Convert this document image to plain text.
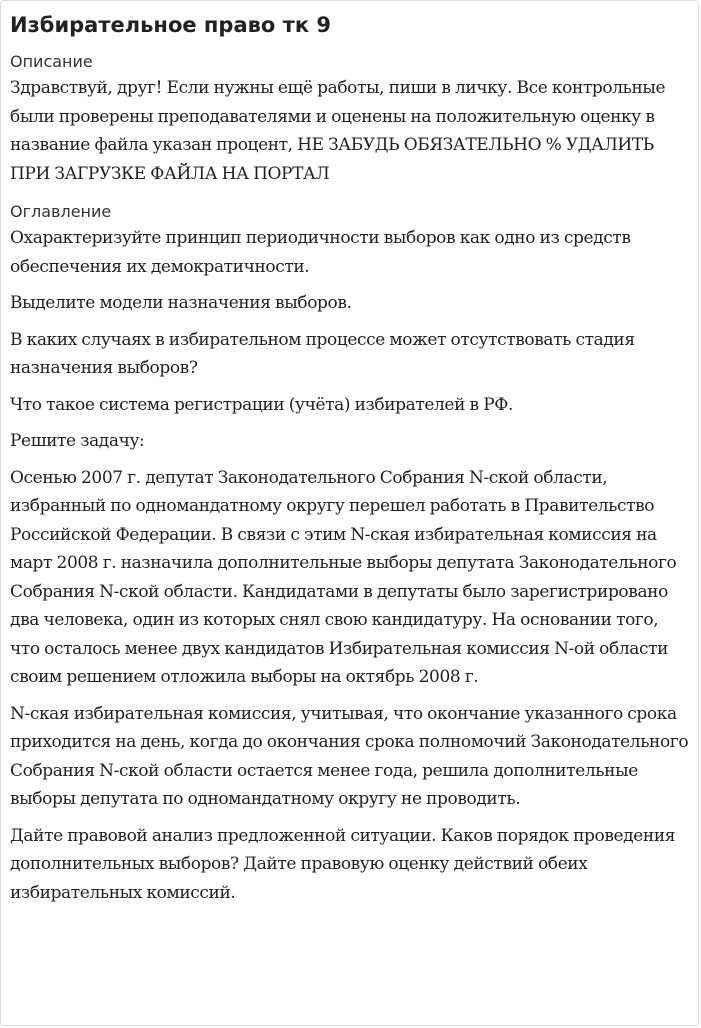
Избирательное право тк 9
Описание

Здравствуй, друг! Если нужны ещё работы, пиши в личку. Все контрольные были проверены преподавателями и оценены на положительную оценку в название файла указан процент, НЕ ЗАБУДЬ ОБЯЗАТЕЛЬНО % УДАЛИТЬ ПРИ ЗАГРУЗКЕ ФАЙЛА НА ПОРТАЛ

Оглавление

Охарактеризуйте принцип периодичности выборов как одно из средств обеспечения их демократичности.

Выделите модели назначения выборов.

В каких случаях в избирательном процессе может отсутствовать стадия назначения выборов?

Что такое система регистрации (учёта) избирателей в РФ.

Решите задачу:

Осенью 2007 г. депутат Законодательного Собрания N-ской области, избранный по одномандатному округу перешел работать в Правительство Российской Федерации. В связи с этим N-ская избирательная комиссия на март 2008 г. назначила дополнительные выборы депутата Законодательного Собрания N-ской области. Кандидатами в депутаты было зарегистрировано два человека, один из которых снял свою кандидатуру. На основании того, что осталось менее двух кандидатов Избирательная комиссия N-ой области своим решением отложила выборы на октябрь 2008 г.

N-ская избирательная комиссия, учитывая, что окончание указанного срока приходится на день, когда до окончания срока полномочий Законодательного Собрания N-ской области остается менее года, решила дополнительные выборы депутата по одномандатному округу не проводить.

Дайте правовой анализ предложенной ситуации. Каков порядок проведения дополнительных выборов? Дайте правовую оценку действий обеих избирательных комиссий.
